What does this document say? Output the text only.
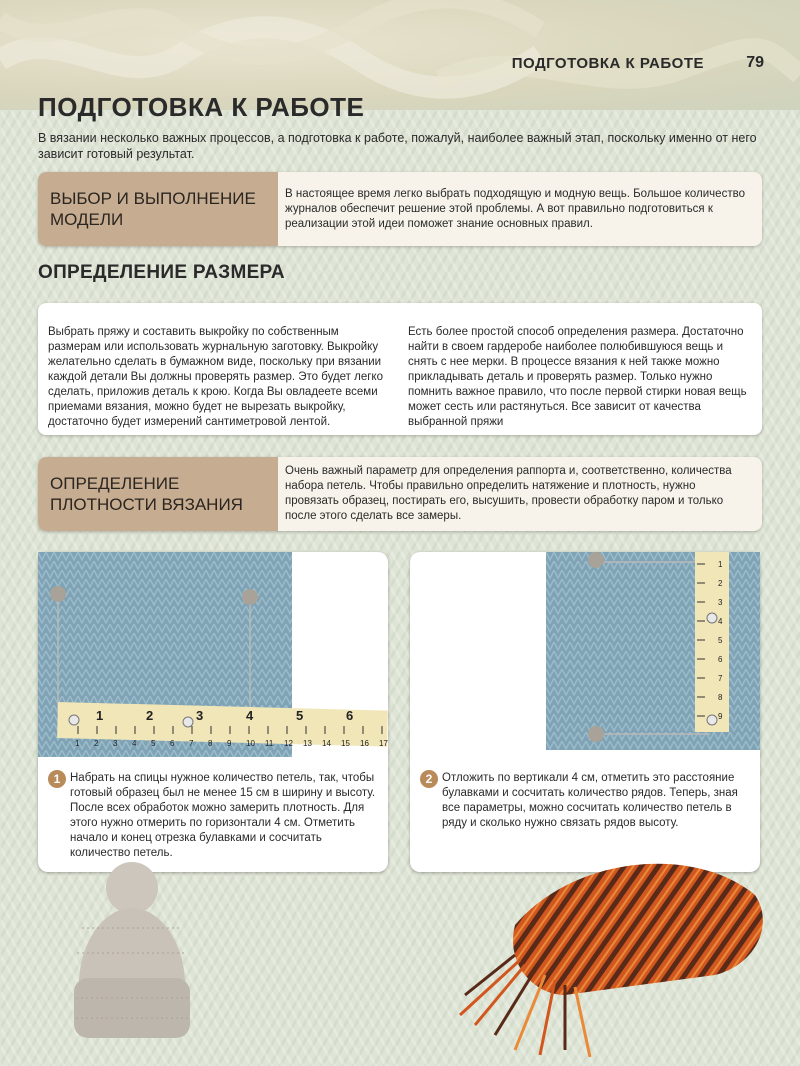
ПОДГОТОВКА К РАБОТЕ	79
ПОДГОТОВКА К РАБОТЕ

В вязании несколько важных процессов, а подготовка к работе, пожалуй, наиболее важный этап, поскольку именно от него зависит готовый результат.

ВЫБОР И ВЫПОЛНЕНИЕ МОДЕЛИ
В настоящее время легко выбрать подходящую и модную вещь. Большое количество журналов обеспечит решение этой проблемы. А вот правильно подготовиться к реализации этой идеи поможет знание основных правил.
ОПРЕДЕЛЕНИЕ РАЗМЕРА
Выбрать пряжу и составить выкройку по собственным размерам или использовать журнальную заготовку. Выкройку желательно сделать в бумажном виде, поскольку при вязании каждой детали Вы должны проверять размер. Это будет легко сделать, приложив деталь к крою. Когда Вы овладеете всеми приемами вязания, можно будет не вырезать выкройку, достаточно будет измерений сантиметровой лентой.
Есть более простой способ определения размера. Достаточно найти в своем гардеробе наиболее полюбившуюся вещь и снять с нее мерки. В процессе вязания к ней также можно прикладывать деталь и проверять размер. Только нужно помнить важное правило, что после первой стирки новая вещь может сесть или растянуться. Все зависит от качества выбранной пряжи
ОПРЕДЕЛЕНИЕ ПЛОТНОСТИ ВЯЗАНИЯ
Очень важный параметр для определения раппорта и, соответственно, количества набора петель. Чтобы правильно определить натяжение и плотность, нужно провязать образец, постирать его, высушить, провести обработку паром и только после этого сделать все замеры.
1 2 3 4 5 6 7 8 9 10 11 12 13 14 15 16 17
1	2	3	4	5	6
1 Набрать на спицы нужное количество петель, так, чтобы готовый образец был не менее 15 см в ширину и высоту. После всех обработок можно замерить плотность. Для этого нужно отмерить по горизонтали 4 см. Отметить начало и конец отрезка булавками и сосчитать количество петель.
1
2
3
4
5
6
7
8
9
2 Отложить по вертикали 4 см, отметить это расстояние булавками и сосчитать количество рядов. Теперь, зная все параметры, можно сосчитать количество петель в ряду и сколько нужно связать рядов высоту.
